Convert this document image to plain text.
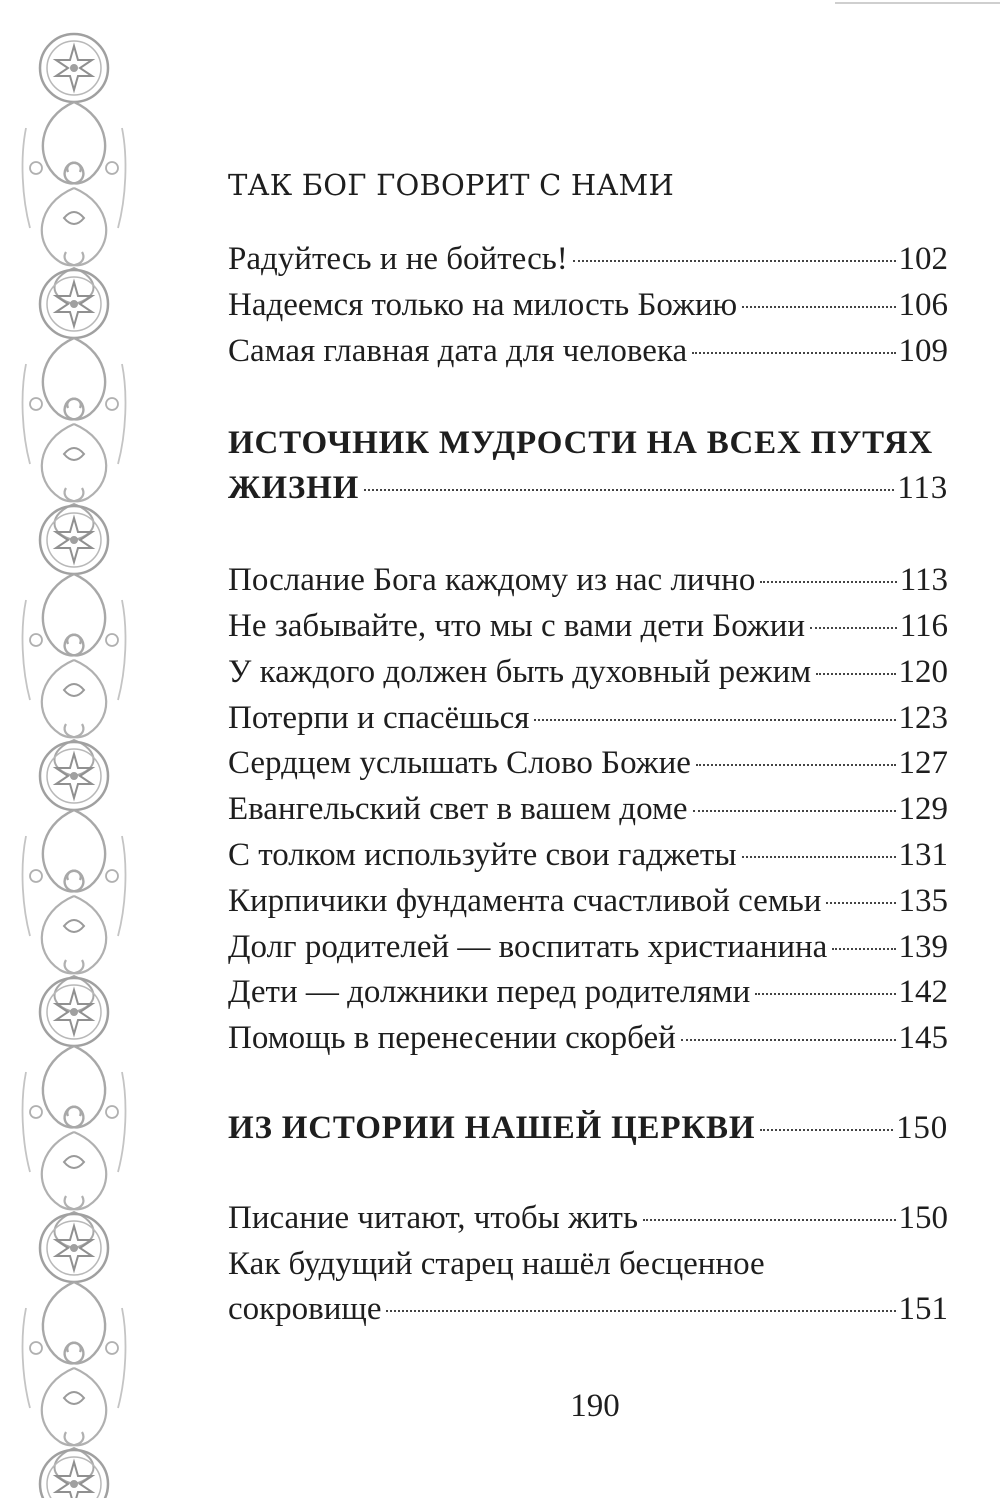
ТАК БОГ ГОВОРИТ С НАМИ
Радуйтесь и не бойтесь!	102
Надеемся только на милость Божию	106
Самая главная дата для человека	109
ИСТОЧНИК МУДРОСТИ НА ВСЕХ ПУТЯХ
ЖИЗНИ	113
Послание Бога каждому из нас лично	113
Не забывайте, что мы с вами дети Божии	116
У каждого должен быть духовный режим	120
Потерпи и спасёшься	123
Сердцем услышать Слово Божие	127
Евангельский свет в вашем доме	129
С толком используйте свои гаджеты	131
Кирпичики фундамента счастливой семьи 135
Долг родителей — воспитать христианина 139
Дети — должники перед родителями	142
Помощь в перенесении скорбей	145
ИЗ ИСТОРИИ НАШЕЙ ЦЕРКВИ	150
Писание читают, чтобы жить	150
Как будущий старец нашёл бесценное
сокровище	151
190
